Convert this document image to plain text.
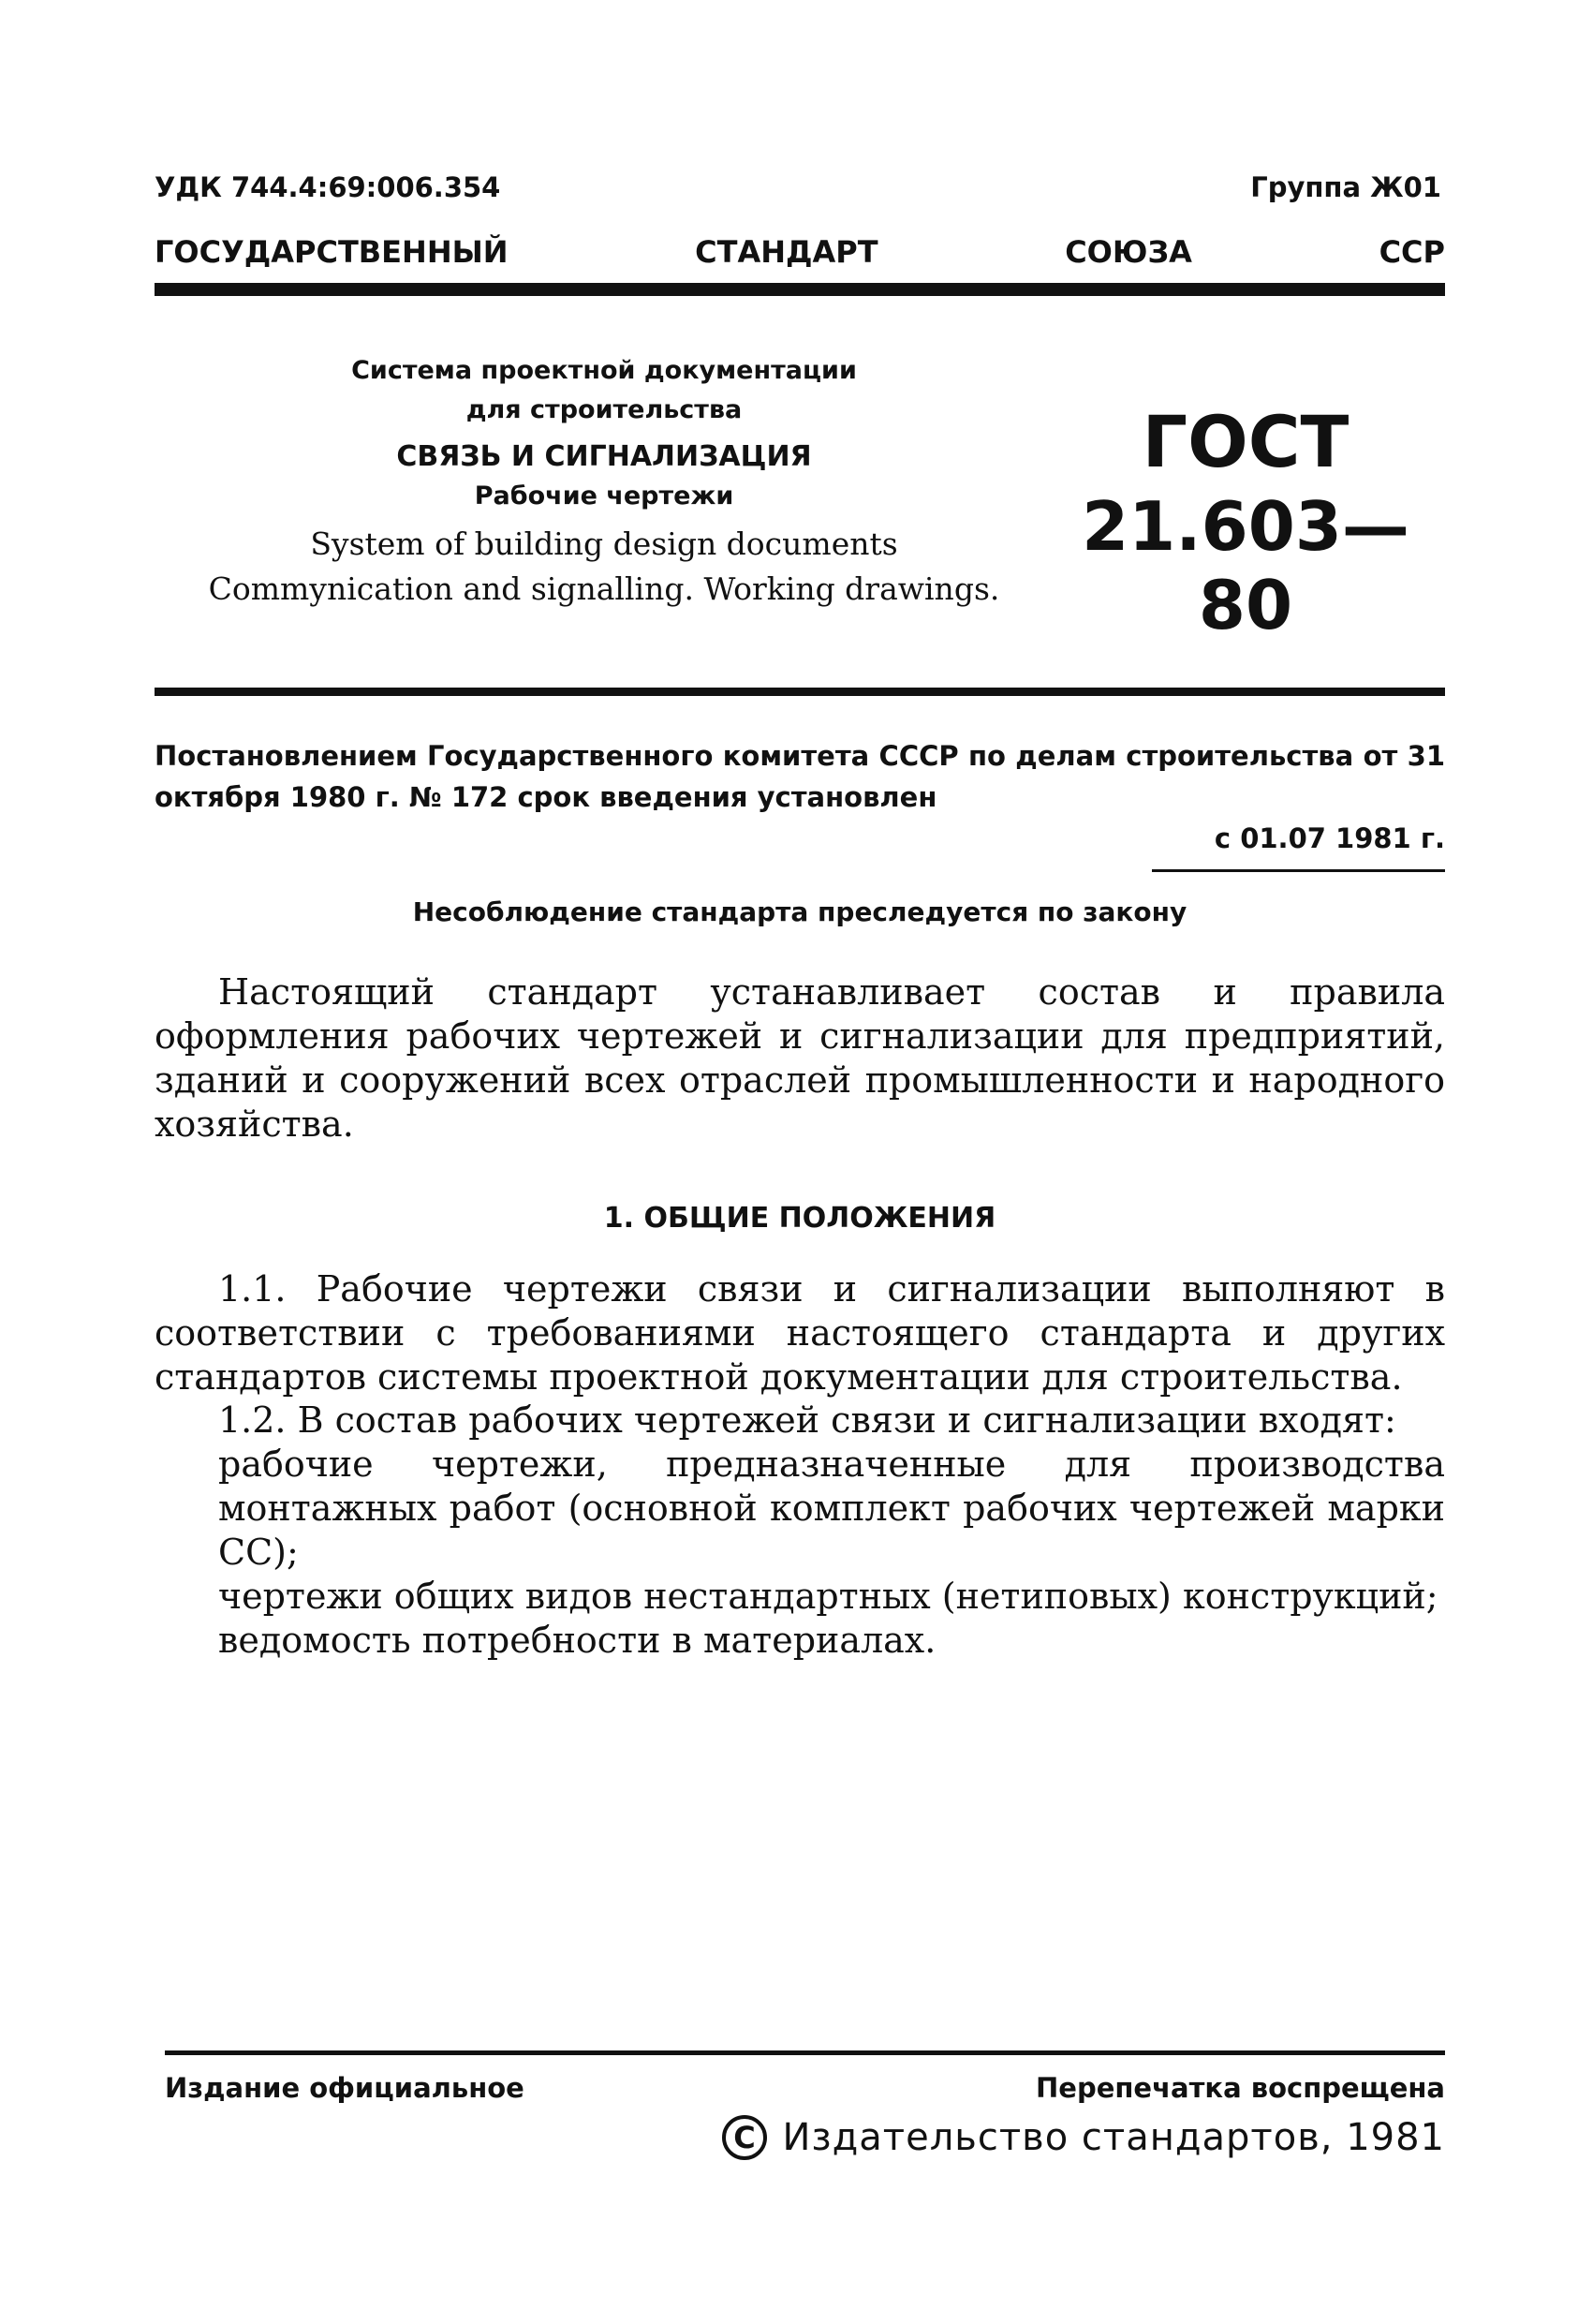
УДК 744.4:69:006.354	Группа Ж01
ГОСУДАРСТВЕННЫЙ	СТАНДАРТ	СОЮЗА	ССР
Система проектной документации
для строительства
СВЯЗЬ И СИГНАЛИЗАЦИЯ
Рабочие чертежи
System of building design documents
Commynication and signalling. Working drawings.
ГОСТ
21.603—80
Постановлением Государственного комитета СССР по делам строительства от 31 октября 1980 г. № 172 срок введения установлен
с 01.07 1981 г.
Несоблюдение стандарта преследуется по закону
Настоящий стандарт устанавливает состав и правила оформления рабочих чертежей и сигнализации для предприятий, зданий и сооружений всех отраслей промышленности и народного хозяйства.
1. ОБЩИЕ ПОЛОЖЕНИЯ
1.1. Рабочие чертежи связи и сигнализации выполняют в соответствии с требованиями настоящего стандарта и других стандартов системы проектной документации для строительства.
1.2. В состав рабочих чертежей связи и сигнализации входят:
рабочие чертежи, предназначенные для производства монтажных работ (основной комплект рабочих чертежей марки СС);
чертежи общих видов нестандартных (нетиповых) конструкций;
ведомость потребности в материалах.
Издание официальное	Перепечатка воспрещена
C Издательство стандартов, 1981
